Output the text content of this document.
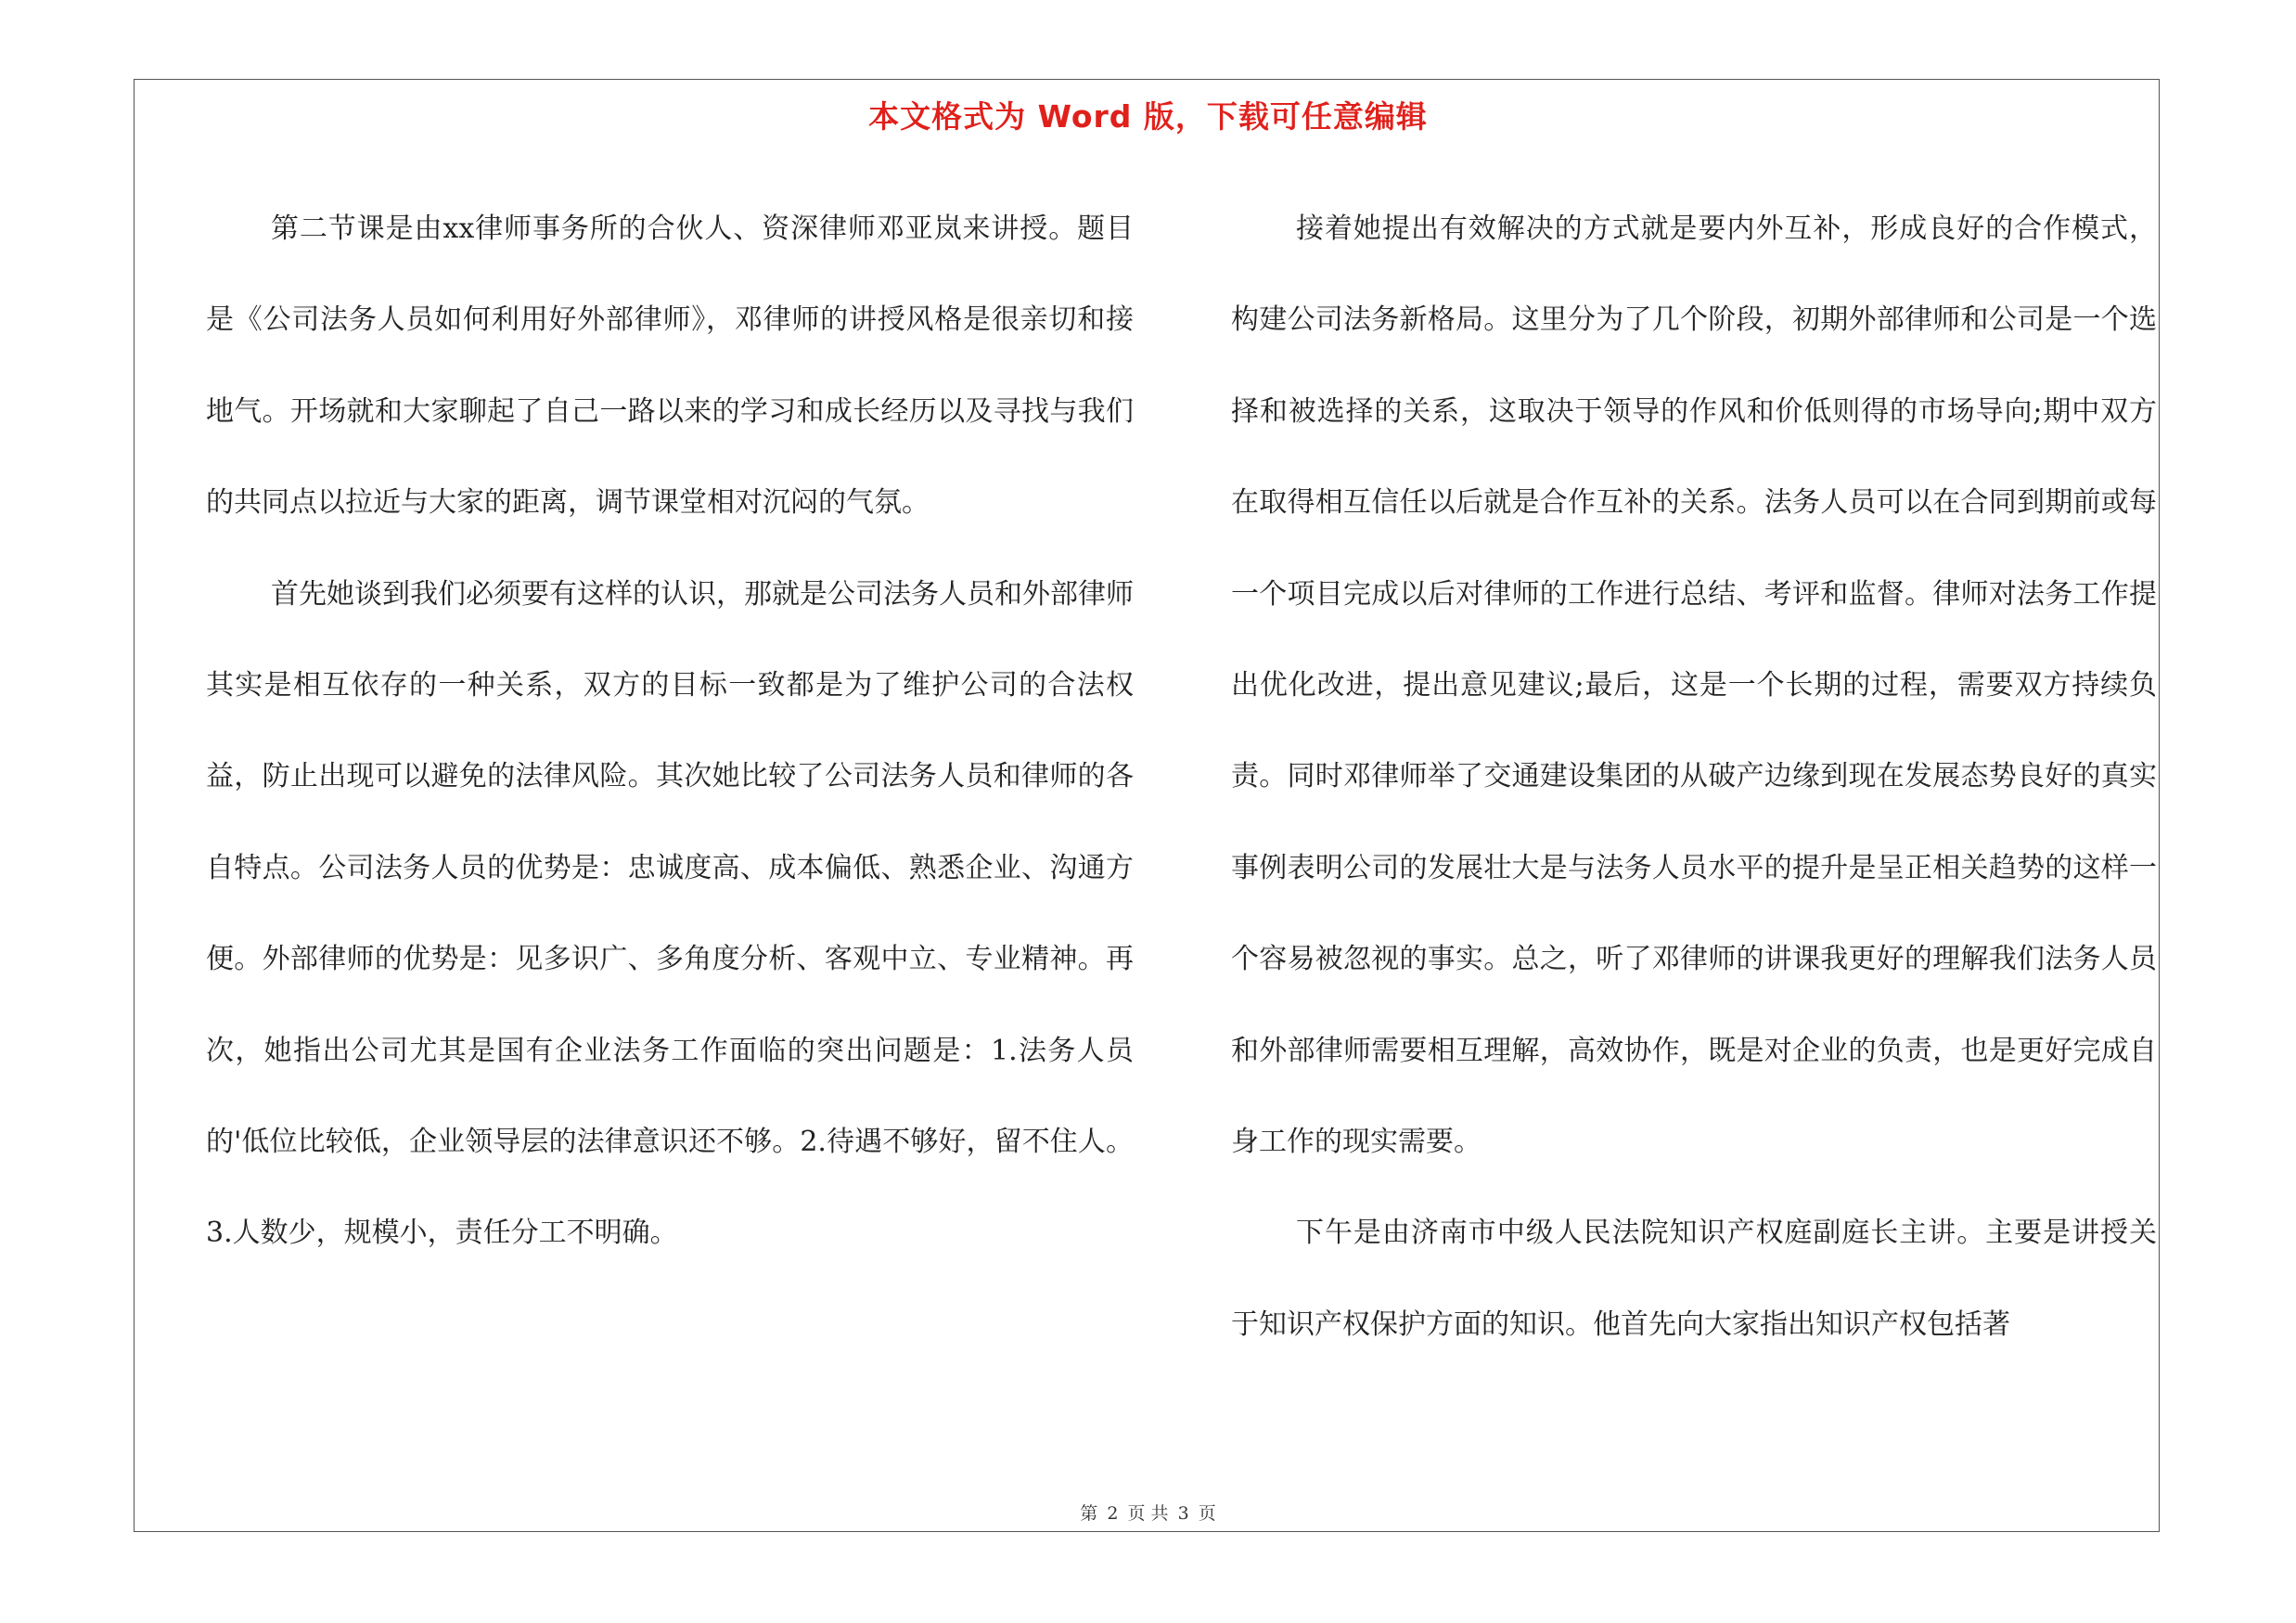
本文格式为 Word 版，下载可任意编辑

第二节课是由xx律师事务所的合伙人、资深律师邓亚岚来讲授。题目是《公司法务人员如何利用好外部律师》，邓律师的讲授风格是很亲切和接地气。开场就和大家聊起了自己一路以来的学习和成长经历以及寻找与我们的共同点以拉近与大家的距离，调节课堂相对沉闷的气氛。

首先她谈到我们必须要有这样的认识，那就是公司法务人员和外部律师其实是相互依存的一种关系，双方的目标一致都是为了维护公司的合法权益，防止出现可以避免的法律风险。其次她比较了公司法务人员和律师的各自特点。公司法务人员的优势是：忠诚度高、成本偏低、熟悉企业、沟通方便。外部律师的优势是：见多识广、多角度分析、客观中立、专业精神。再次，她指出公司尤其是国有企业法务工作面临的突出问题是：1.法务人员的'低位比较低，企业领导层的法律意识还不够。2.待遇不够好，留不住人。3.人数少，规模小，责任分工不明确。

接着她提出有效解决的方式就是要内外互补，形成良好的合作模式，构建公司法务新格局。这里分为了几个阶段，初期外部律师和公司是一个选择和被选择的关系，这取决于领导的作风和价低则得的市场导向;期中双方在取得相互信任以后就是合作互补的关系。法务人员可以在合同到期前或每一个项目完成以后对律师的工作进行总结、考评和监督。律师对法务工作提出优化改进，提出意见建议;最后，这是一个长期的过程，需要双方持续负责。同时邓律师举了交通建设集团的从破产边缘到现在发展态势良好的真实事例表明公司的发展壮大是与法务人员水平的提升是呈正相关趋势的这样一个容易被忽视的事实。总之，听了邓律师的讲课我更好的理解我们法务人员和外部律师需要相互理解，高效协作，既是对企业的负责，也是更好完成自身工作的现实需要。

下午是由济南市中级人民法院知识产权庭副庭长主讲。主要是讲授关于知识产权保护方面的知识。他首先向大家指出知识产权包括著

第 2 页 共 3 页
